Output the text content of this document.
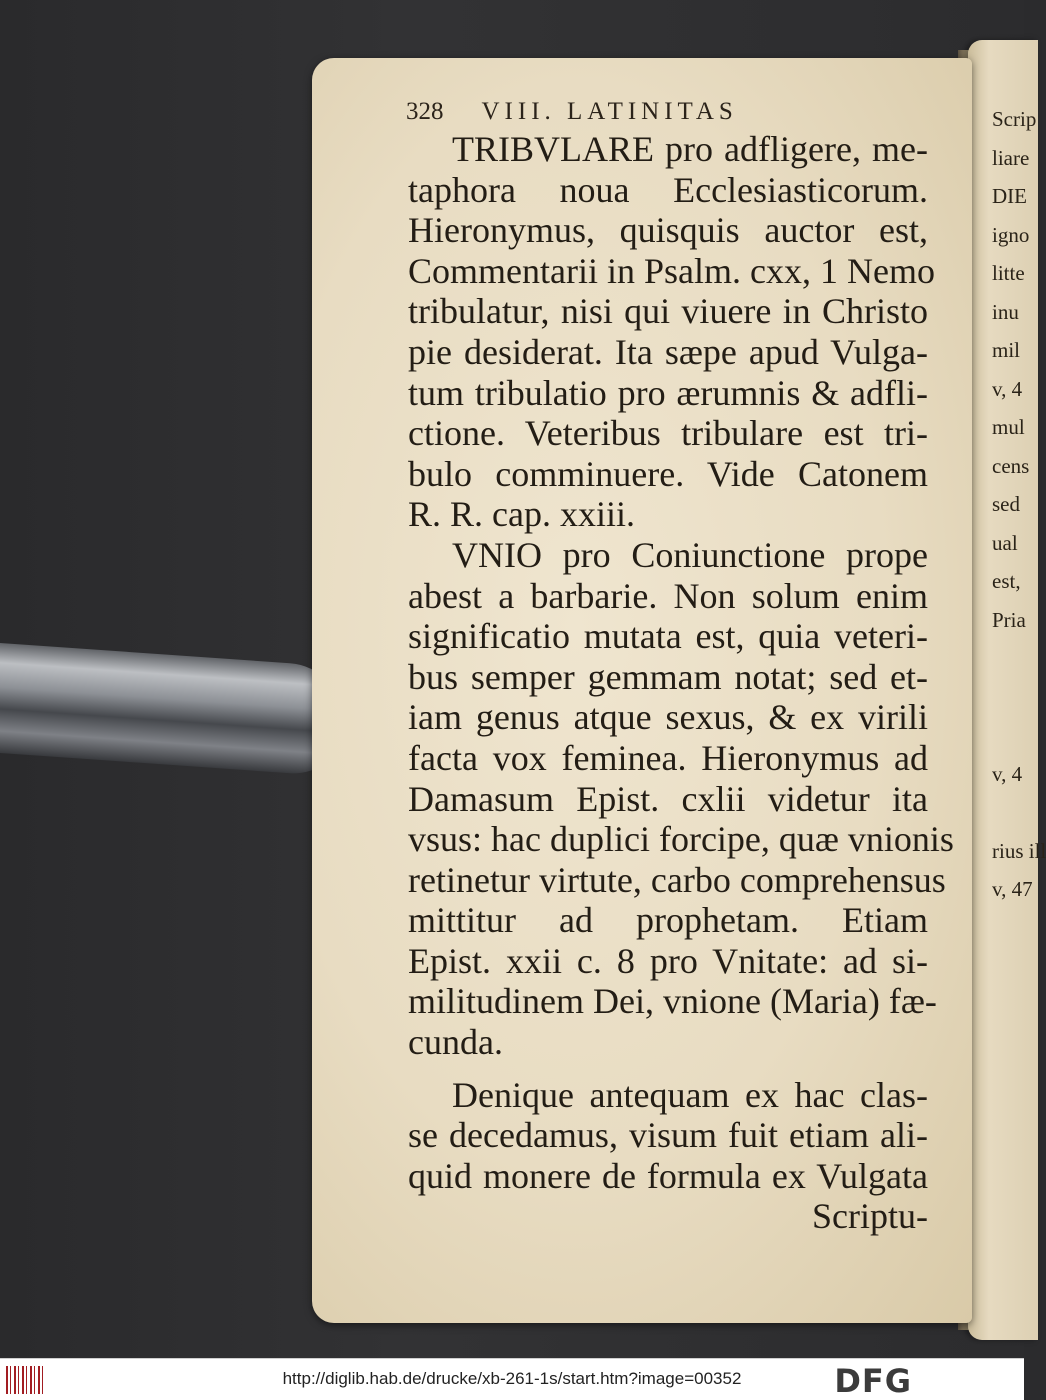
Scrip
liare
DIE
igno
litte
inu
mil
v, 4
mul
cens
sed
ual
est,
Pria
v, 4
rius ill
v, 47
328 VIII. LATINITAS
TRIBVLARE pro adfligere, me-
taphora noua Ecclesiasticorum.
Hieronymus, quisquis auctor est,
Commentarii in Psalm. cxx, 1 Nemo
tribulatur, nisi qui viuere in Christo
pie desiderat. Ita sæpe apud Vulga-
tum tribulatio pro ærumnis & adfli-
ctione. Veteribus tribulare est tri-
bulo comminuere. Vide Catonem
R. R. cap. xxiii.
VNIO pro Coniunctione prope
abest a barbarie. Non solum enim
significatio mutata est, quia veteri-
bus semper gemmam notat; sed et-
iam genus atque sexus, & ex virili
facta vox feminea. Hieronymus ad
Damasum Epist. cxlii videtur ita
vsus: hac duplici forcipe, quæ vnionis
retinetur virtute, carbo comprehensus
mittitur ad prophetam. Etiam
Epist. xxii c. 8 pro Vnitate: ad si-
militudinem Dei, vnione (Maria) fæ-
cunda.
Denique antequam ex hac clas-
se decedamus, visum fuit etiam ali-
quid monere de formula ex Vulgata
Scriptu-
http://diglib.hab.de/drucke/xb-261-1s/start.htm?image=00352	DFG
